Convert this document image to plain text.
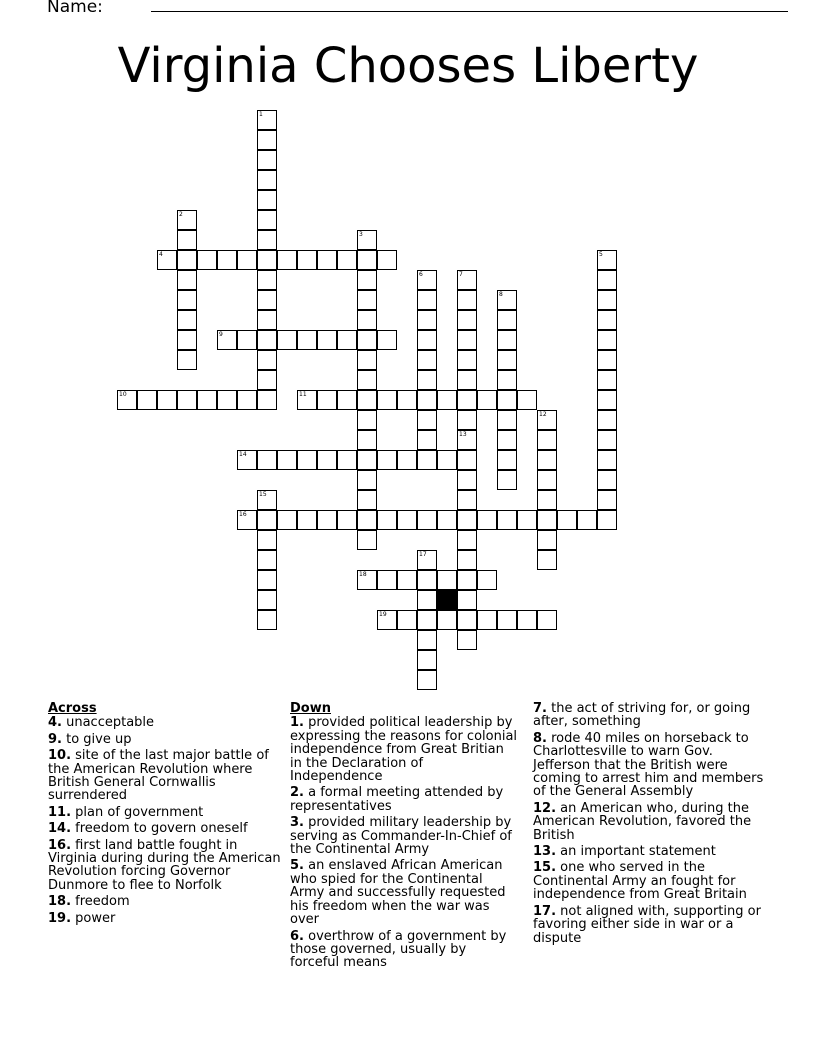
Name:
Virginia Chooses Liberty
1
2
3
4	5
6	7
8
9
10	11
12
13
14
15
16
17
18
19
Across
4. unacceptable
9. to give up
10. site of the last major battle of the American Revolution where British General Cornwallis surrendered
11. plan of government
14. freedom to govern oneself
16. first land battle fought in Virginia during during the American Revolution forcing Governor Dunmore to flee to Norfolk
18. freedom
19. power
Down
1. provided political leadership by expressing the reasons for colonial independence from Great Britian in the Declaration of Independence
2. a formal meeting attended by representatives
3. provided military leadership by serving as Commander-In-Chief of the Continental Army
5. an enslaved African American who spied for the Continental Army and successfully requested his freedom when the war was over
6. overthrow of a government by those governed, usually by forceful means
7. the act of striving for, or going after, something
8. rode 40 miles on horseback to Charlottesville to warn Gov. Jefferson that the British were coming to arrest him and members of the General Assembly
12. an American who, during the American Revolution, favored the British
13. an important statement
15. one who served in the Continental Army an fought for independence from Great Britain
17. not aligned with, supporting or favoring either side in war or a dispute
